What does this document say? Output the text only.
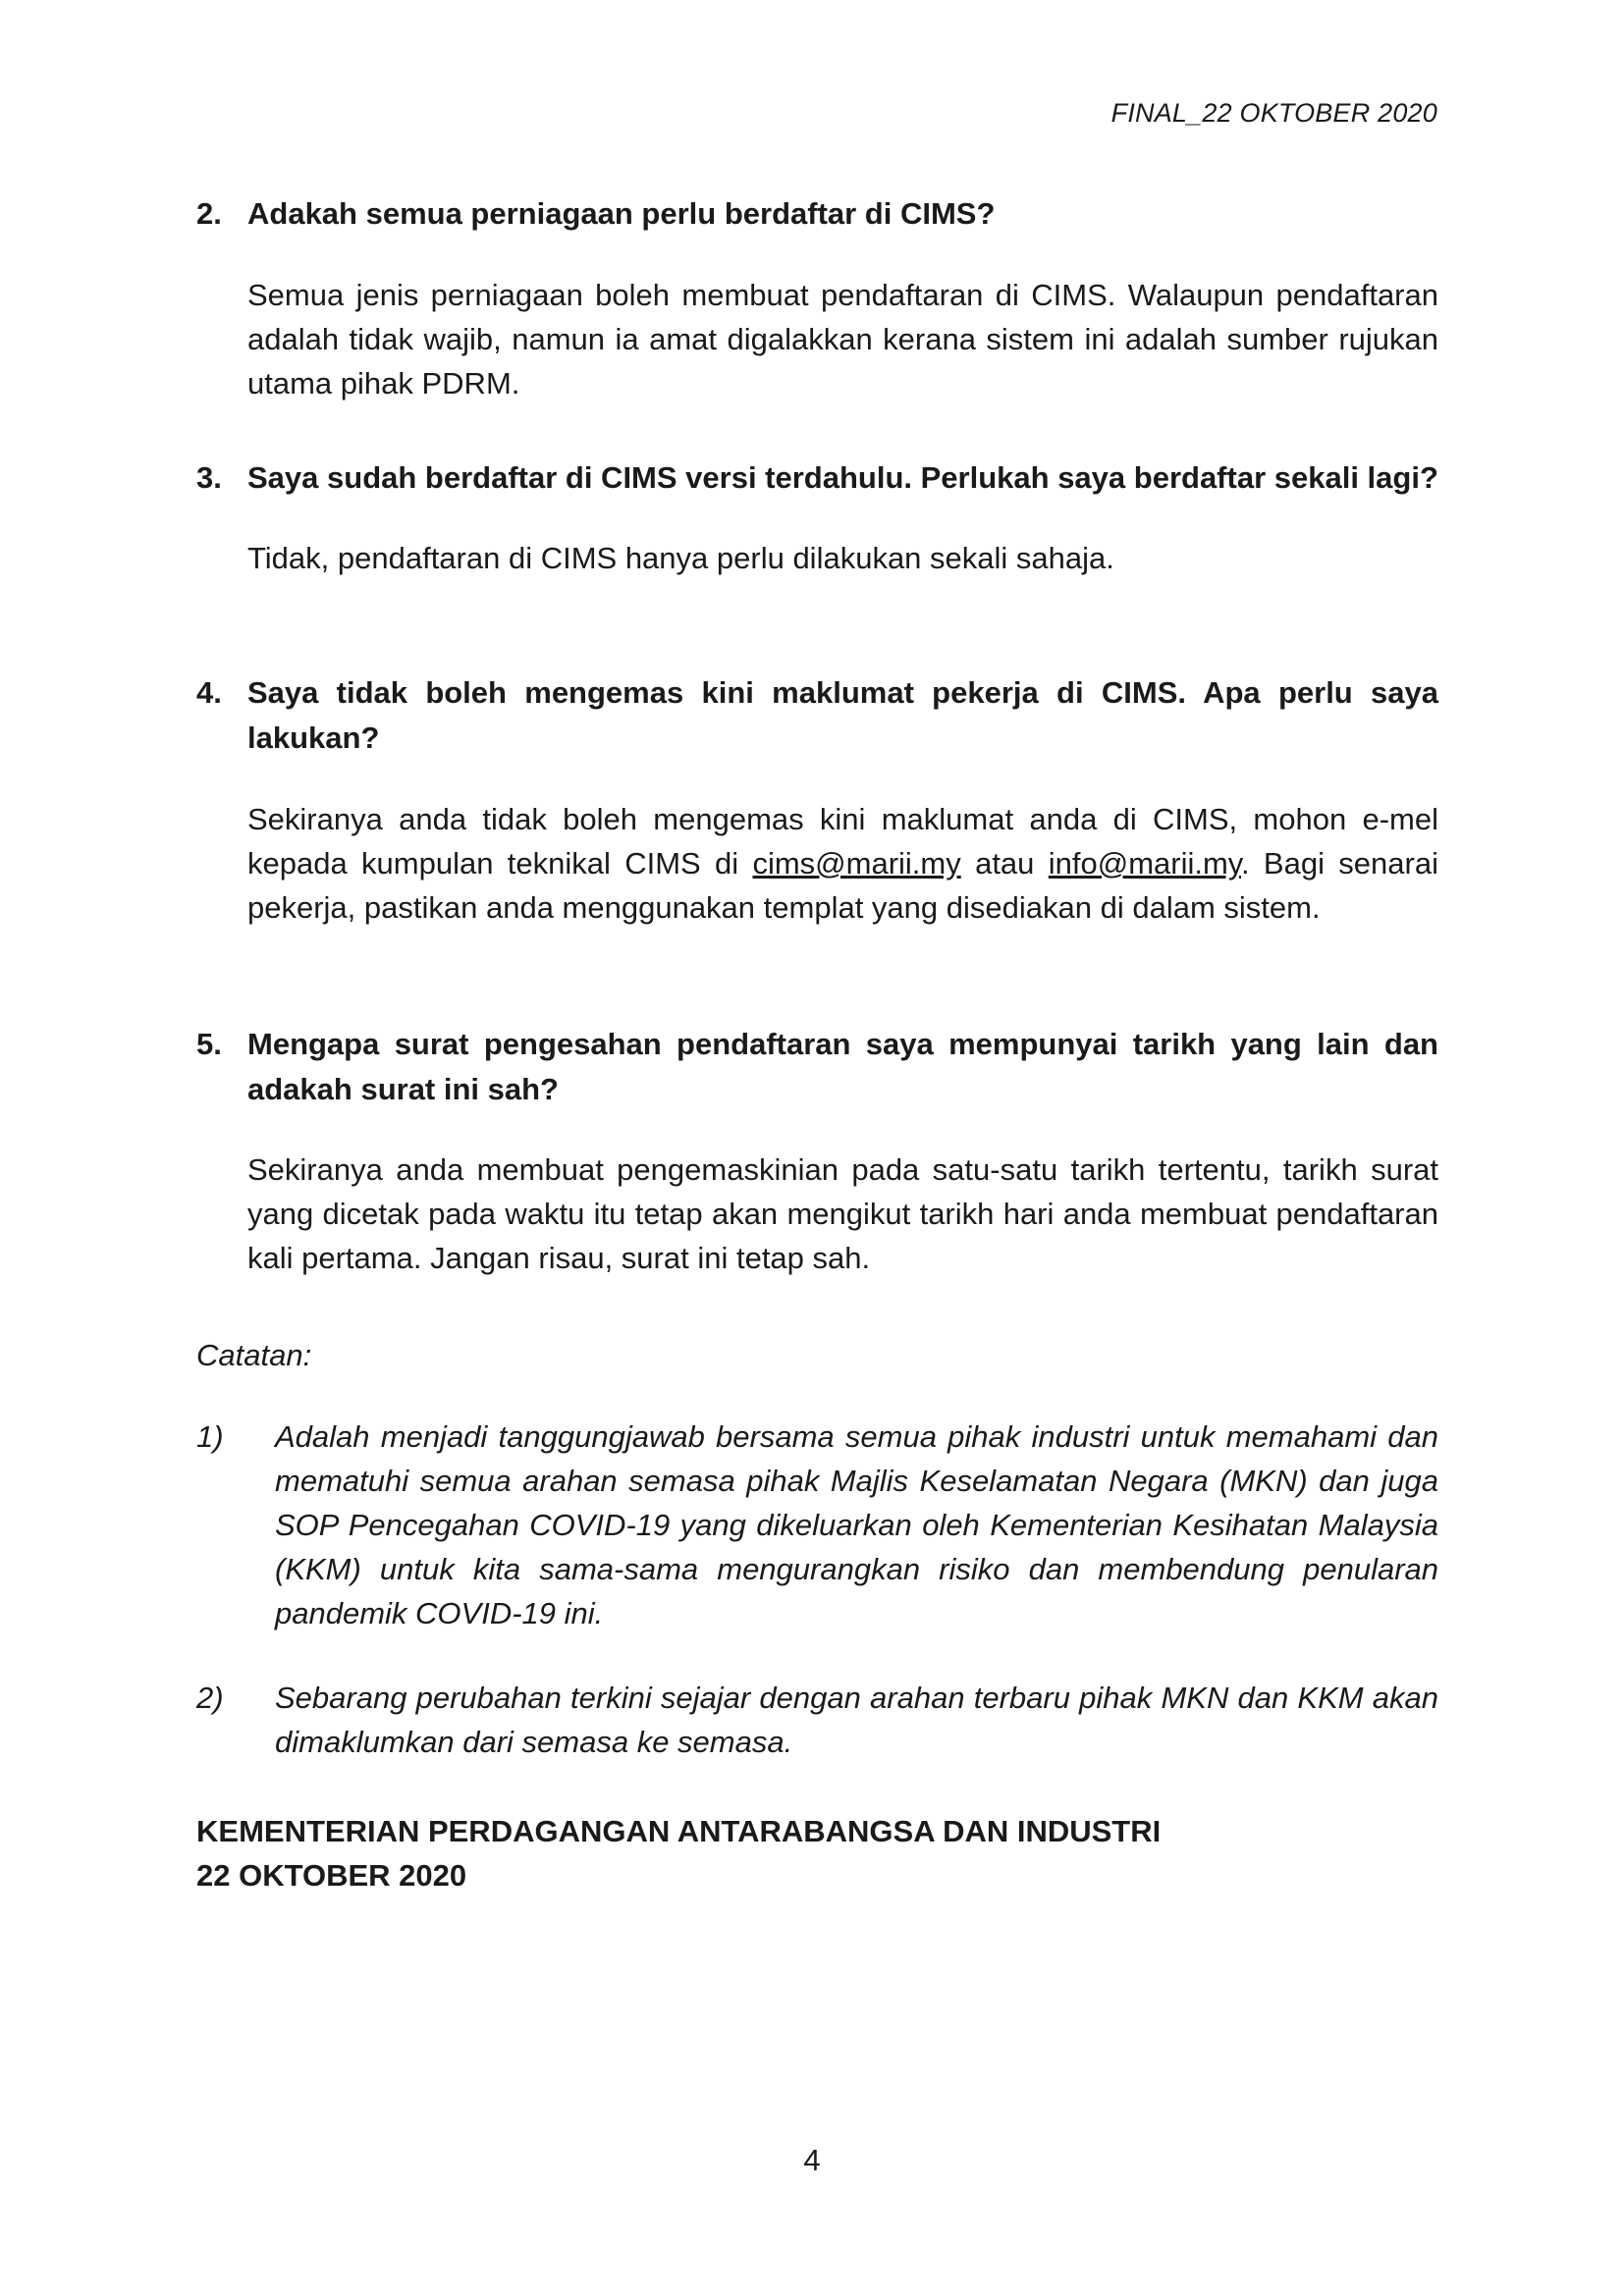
FINAL_22 OKTOBER 2020
2. Adakah semua perniagaan perlu berdaftar di CIMS?
Semua jenis perniagaan boleh membuat pendaftaran di CIMS. Walaupun pendaftaran adalah tidak wajib, namun ia amat digalakkan kerana sistem ini adalah sumber rujukan utama pihak PDRM.
3. Saya sudah berdaftar di CIMS versi terdahulu. Perlukah saya berdaftar sekali lagi?
Tidak, pendaftaran di CIMS hanya perlu dilakukan sekali sahaja.
4. Saya tidak boleh mengemas kini maklumat pekerja di CIMS. Apa perlu saya lakukan?
Sekiranya anda tidak boleh mengemas kini maklumat anda di CIMS, mohon e-mel kepada kumpulan teknikal CIMS di cims@marii.my atau info@marii.my. Bagi senarai pekerja, pastikan anda menggunakan templat yang disediakan di dalam sistem.
5. Mengapa surat pengesahan pendaftaran saya mempunyai tarikh yang lain dan adakah surat ini sah?
Sekiranya anda membuat pengemaskinian pada satu-satu tarikh tertentu, tarikh surat yang dicetak pada waktu itu tetap akan mengikut tarikh hari anda membuat pendaftaran kali pertama. Jangan risau, surat ini tetap sah.
Catatan:
1)	Adalah menjadi tanggungjawab bersama semua pihak industri untuk memahami dan mematuhi semua arahan semasa pihak Majlis Keselamatan Negara (MKN) dan juga SOP Pencegahan COVID-19 yang dikeluarkan oleh Kementerian Kesihatan Malaysia (KKM) untuk kita sama-sama mengurangkan risiko dan membendung penularan pandemik COVID-19 ini.
2)	Sebarang perubahan terkini sejajar dengan arahan terbaru pihak MKN dan KKM akan dimaklumkan dari semasa ke semasa.
KEMENTERIAN PERDAGANGAN ANTARABANGSA DAN INDUSTRI
22 OKTOBER 2020
4
